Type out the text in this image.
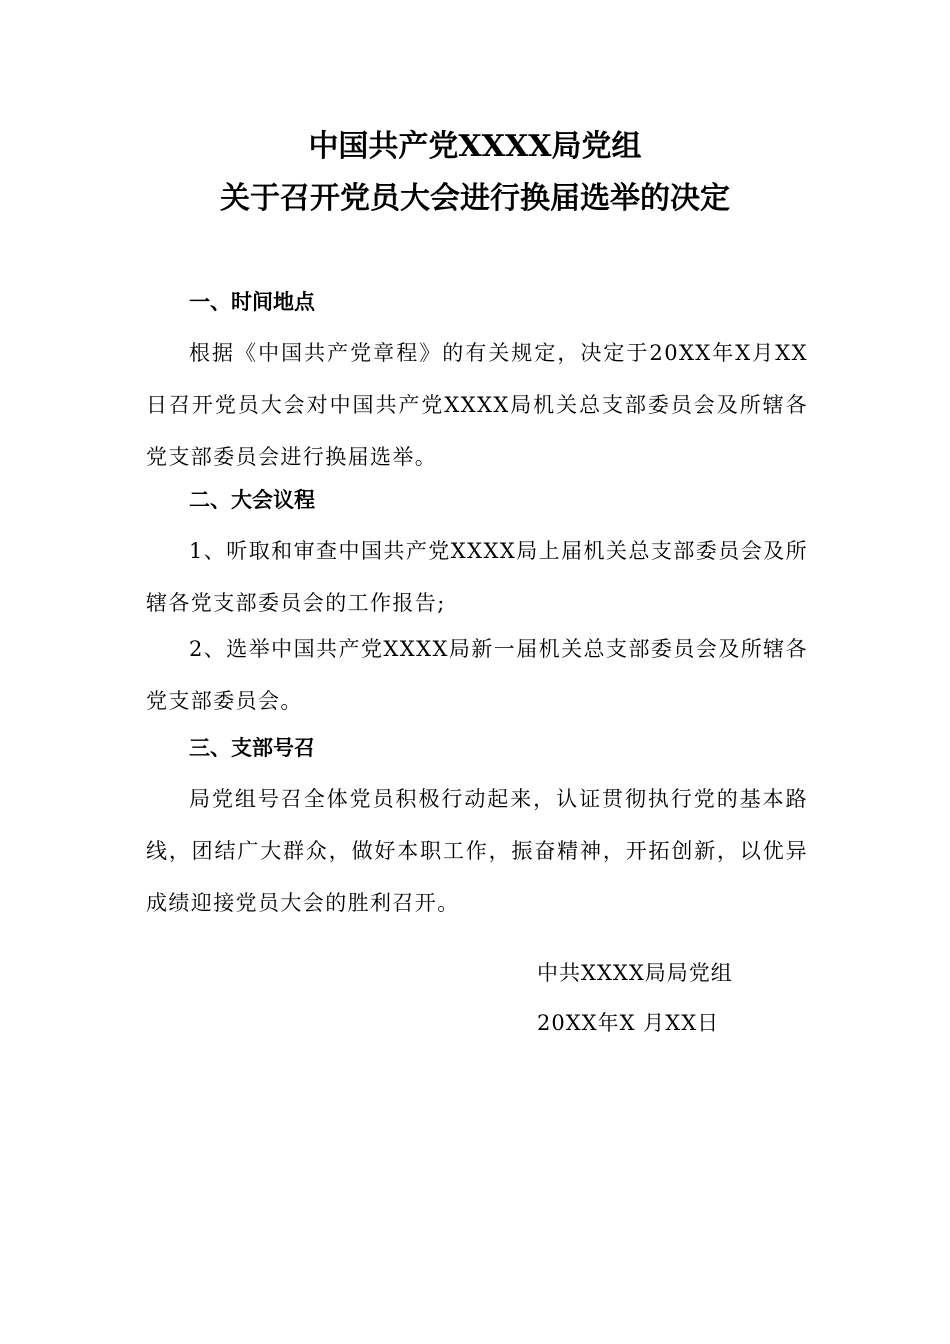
中国共产党XXXX局党组
关于召开党员大会进行换届选举的决定
一、时间地点
根据《中国共产党章程》的有关规定，决定于20XX年X月XX日召开党员大会对中国共产党XXXX局机关总支部委员会及所辖各党支部委员会进行换届选举。
二、大会议程
1、听取和审查中国共产党XXXX局上届机关总支部委员会及所辖各党支部委员会的工作报告;
2、选举中国共产党XXXX局新一届机关总支部委员会及所辖各党支部委员会。
三、支部号召
局党组号召全体党员积极行动起来，认证贯彻执行党的基本路线，团结广大群众，做好本职工作，振奋精神，开拓创新，以优异成绩迎接党员大会的胜利召开。
中共XXXX局局党组
20XX年X 月XX日
